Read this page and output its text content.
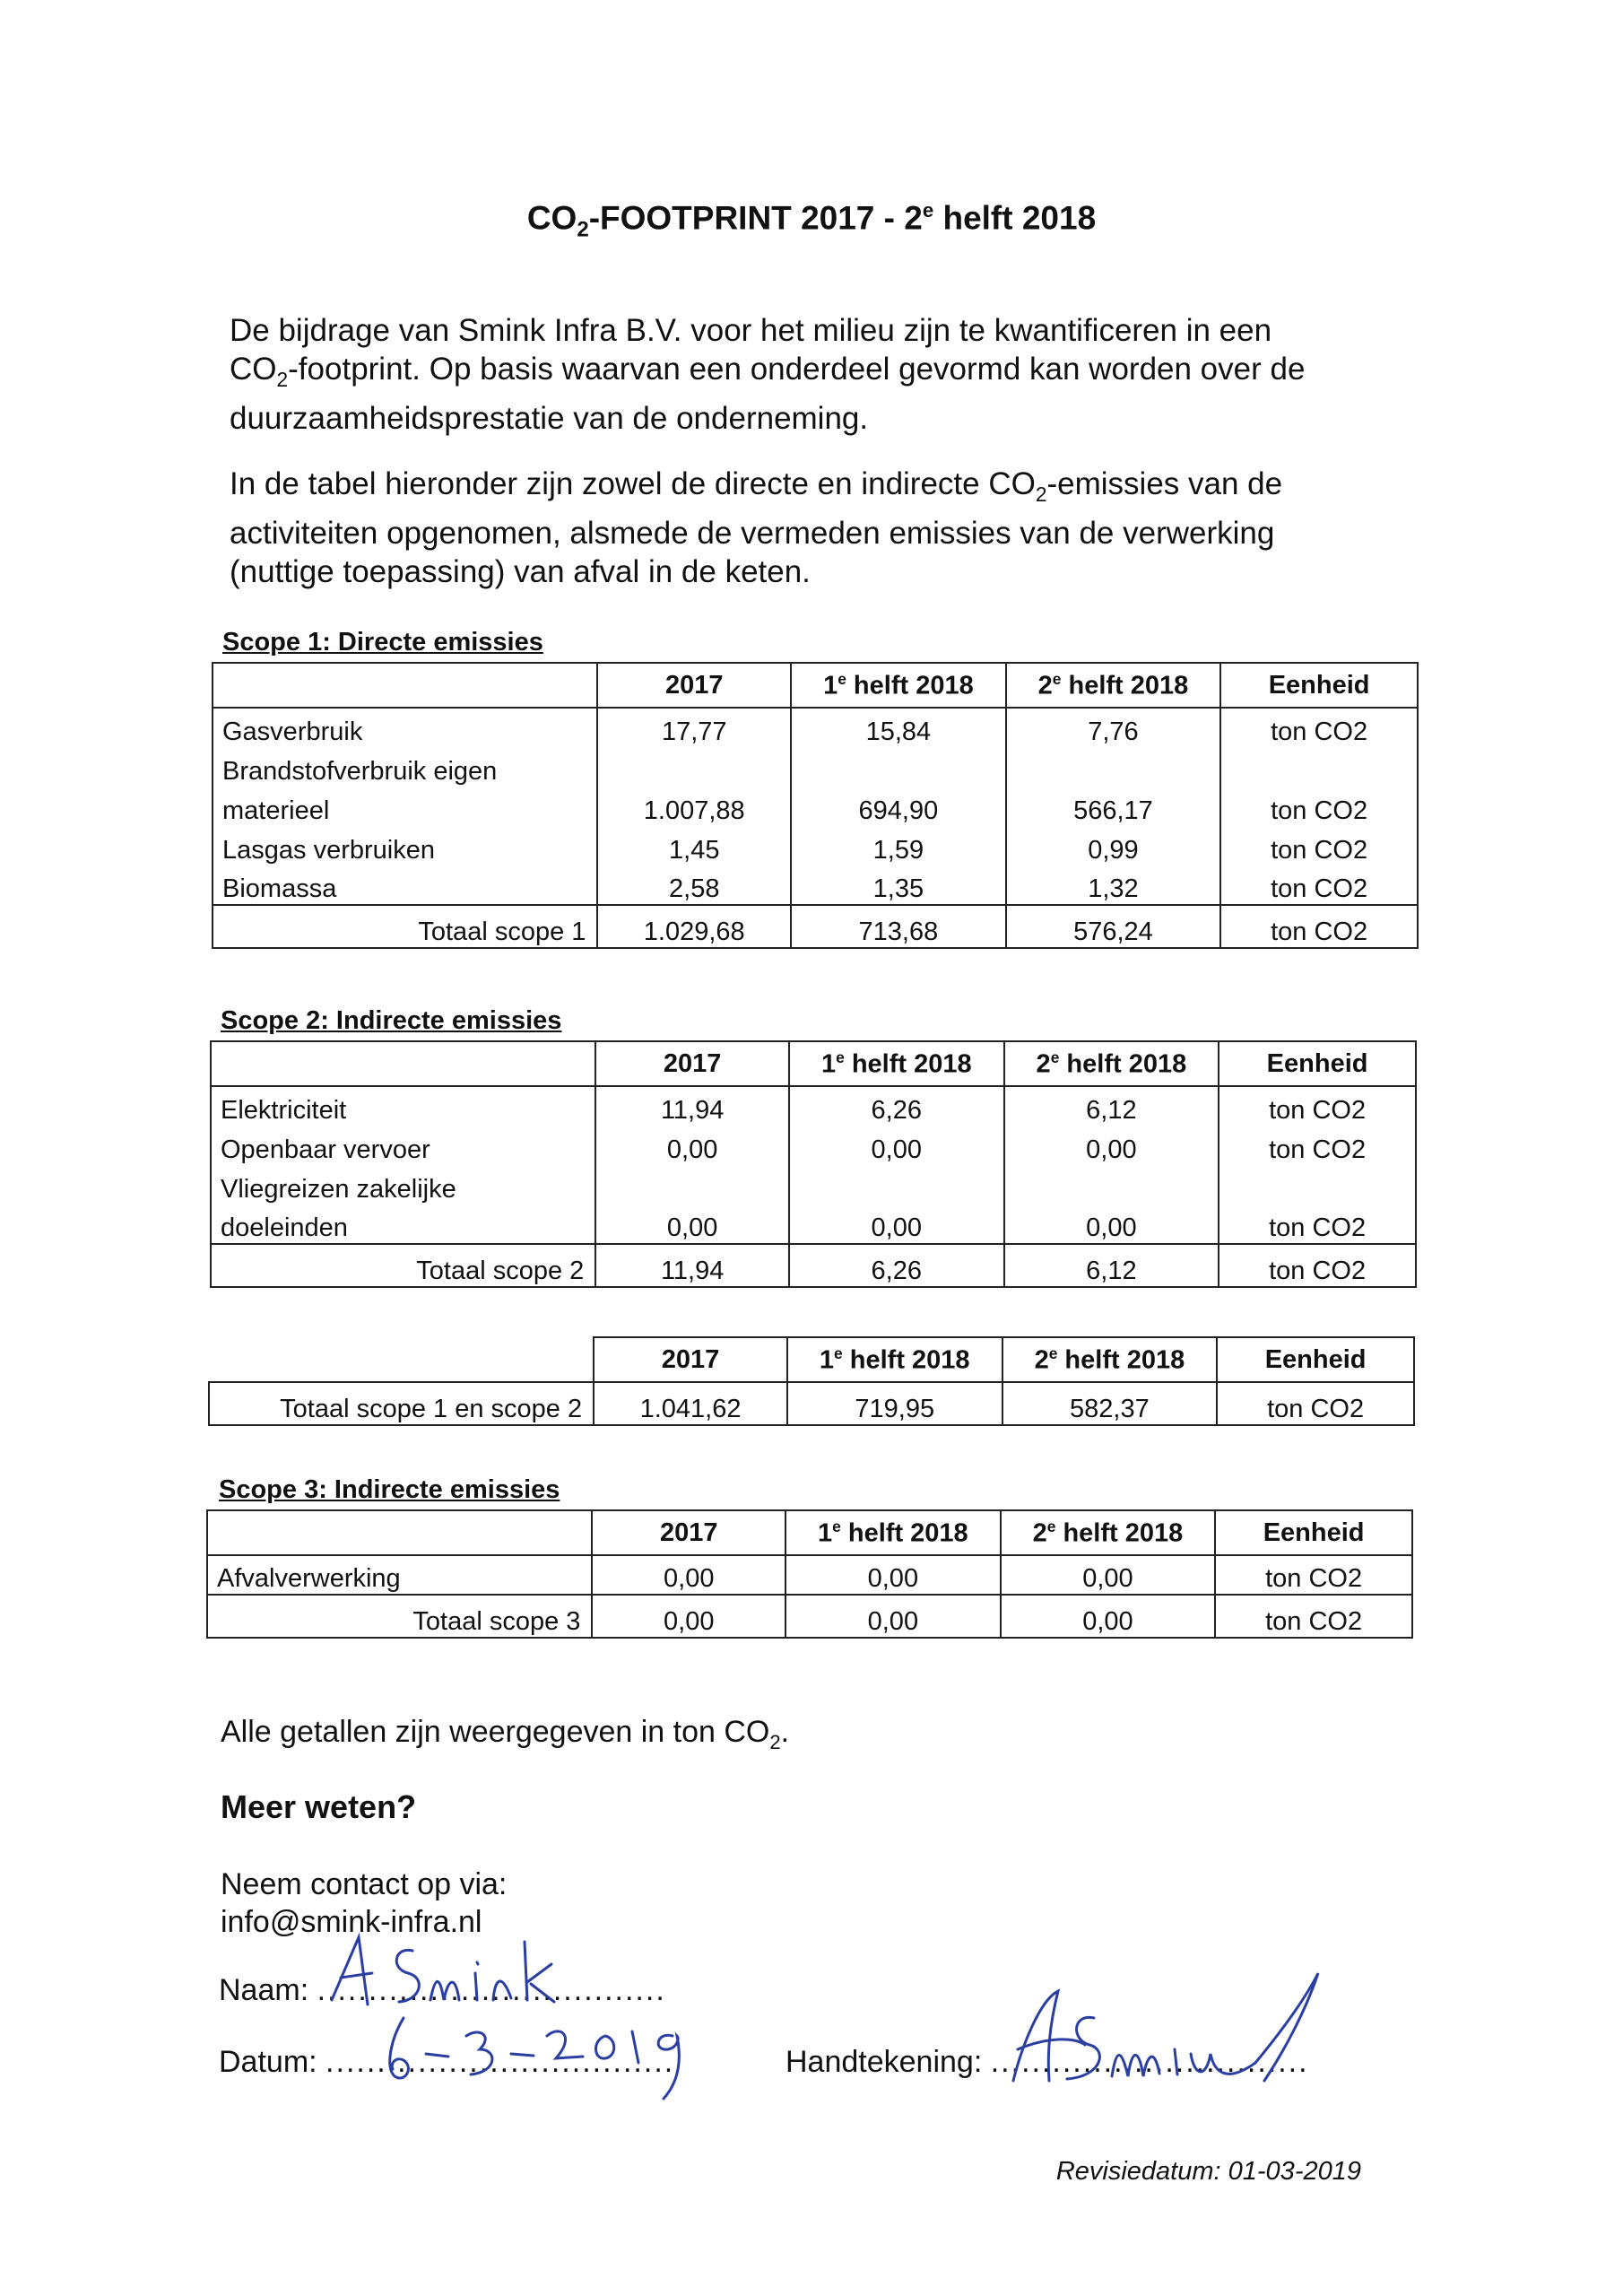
$CO_2$-FOOTPRINT 2017 - 2e helft 2018
De bijdrage van Smink Infra B.V. voor het milieu zijn te kwantificeren in een
$CO_2$-footprint. Op basis waarvan een onderdeel gevormd kan worden over de
duurzaamheidsprestatie van de onderneming.
In de tabel hieronder zijn zowel de directe en indirecte $CO_2$-emissies van de
activiteiten opgenomen, alsmede de vermeden emissies van de verwerking
(nuttige toepassing) van afval in de keten.
Scope 1: Directe emissies
	2017	1e helft 2018	2e helft 2018	Eenheid
Gasverbruik	17,77	15,84	7,76	ton CO2
Brandstofverbruik eigen				
materieel	1.007,88	694,90	566,17	ton CO2
Lasgas verbruiken	1,45	1,59	0,99	ton CO2
Biomassa	2,58	1,35	1,32	ton CO2
Totaal scope 1	1.029,68	713,68	576,24	ton CO2
Scope 2: Indirecte emissies
	2017	1e helft 2018	2e helft 2018	Eenheid
Elektriciteit	11,94	6,26	6,12	ton CO2
Openbaar vervoer	0,00	0,00	0,00	ton CO2
Vliegreizen zakelijke				
doeleinden	0,00	0,00	0,00	ton CO2
Totaal scope 2	11,94	6,26	6,12	ton CO2
	2017	1e helft 2018	2e helft 2018	Eenheid
Totaal scope 1 en scope 2	1.041,62	719,95	582,37	ton CO2
Scope 3: Indirecte emissies
	2017	1e helft 2018	2e helft 2018	Eenheid
Afvalverwerking	0,00	0,00	0,00	ton CO2
Totaal scope 3	0,00	0,00	0,00	ton CO2
Alle getallen zijn weergegeven in ton $CO_2$.
Meer weten?
Neem contact op via:
info@smink-infra.nl
Naam: ..................................
Datum: ..................................	Handtekening: ...............................
Revisiedatum: 01-03-2019
